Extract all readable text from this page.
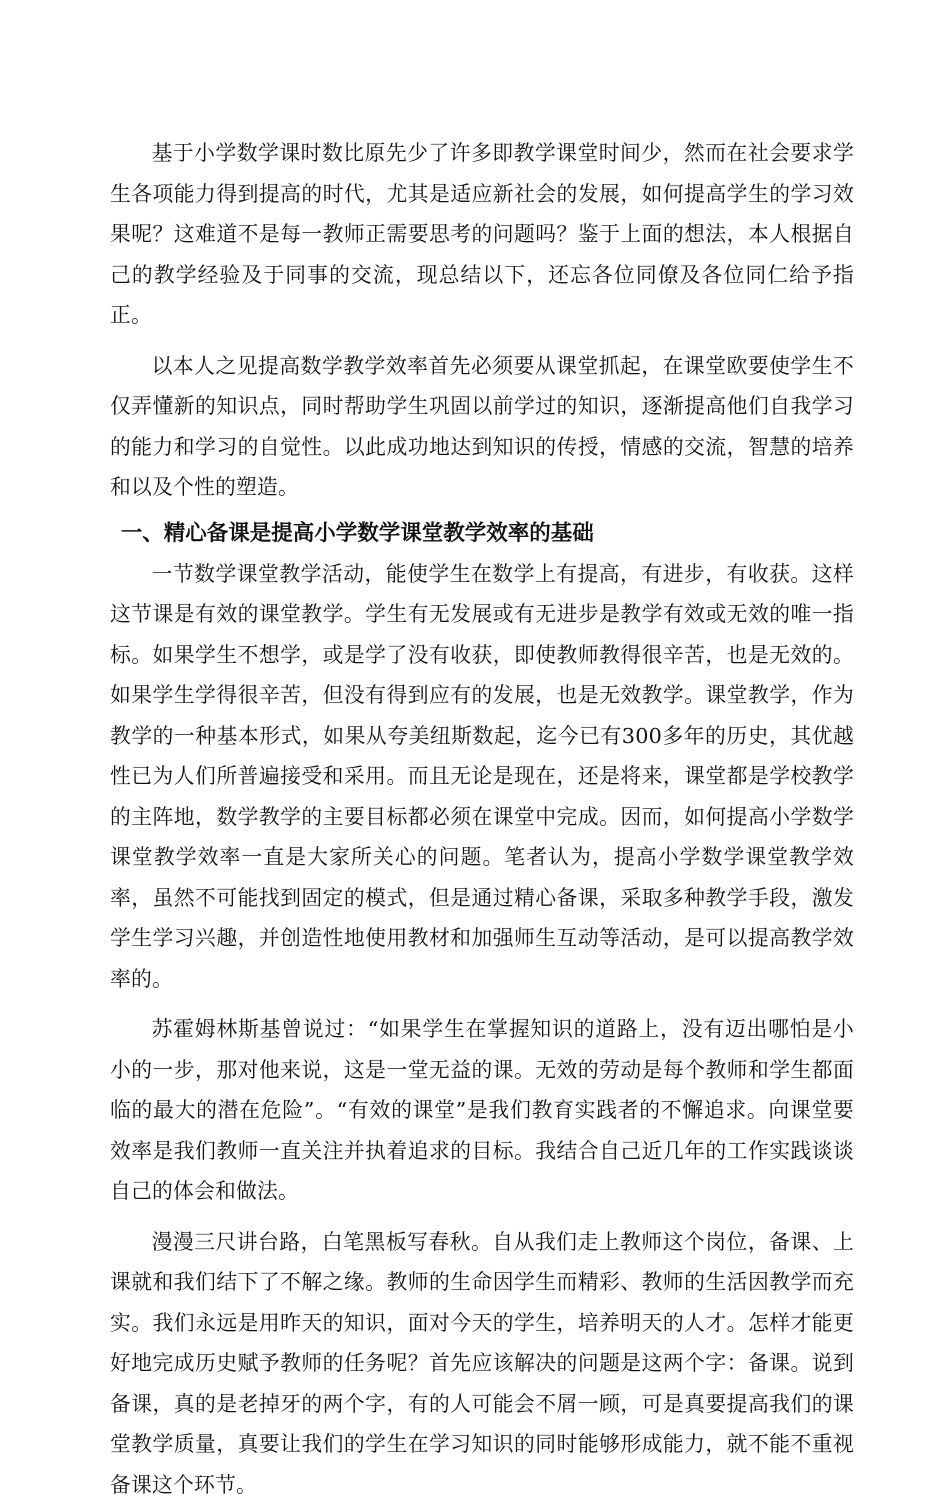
基于小学数学课时数比原先少了许多即教学课堂时间少，然而在社会要求学生各项能力得到提高的时代，尤其是适应新社会的发展，如何提高学生的学习效果呢？这难道不是每一教师正需要思考的问题吗？鉴于上面的想法，本人根据自己的教学经验及于同事的交流，现总结以下，还忘各位同僚及各位同仁给予指正。

以本人之见提高数学教学效率首先必须要从课堂抓起，在课堂欧要使学生不仅弄懂新的知识点，同时帮助学生巩固以前学过的知识，逐渐提高他们自我学习的能力和学习的自觉性。以此成功地达到知识的传授，情感的交流，智慧的培养和以及个性的塑造。

一、精心备课是提高小学数学课堂教学效率的基础

一节数学课堂教学活动，能使学生在数学上有提高，有进步，有收获。这样这节课是有效的课堂教学。学生有无发展或有无进步是教学有效或无效的唯一指标。如果学生不想学，或是学了没有收获，即使教师教得很辛苦，也是无效的。如果学生学得很辛苦，但没有得到应有的发展，也是无效教学。课堂教学，作为教学的一种基本形式，如果从夸美纽斯数起，迄今已有300多年的历史，其优越性已为人们所普遍接受和采用。而且无论是现在，还是将来，课堂都是学校教学的主阵地，数学教学的主要目标都必须在课堂中完成。因而，如何提高小学数学课堂教学效率一直是大家所关心的问题。笔者认为，提高小学数学课堂教学效率，虽然不可能找到固定的模式，但是通过精心备课，采取多种教学手段，激发学生学习兴趣，并创造性地使用教材和加强师生互动等活动，是可以提高教学效率的。

苏霍姆林斯基曾说过：“如果学生在掌握知识的道路上，没有迈出哪怕是小小的一步，那对他来说，这是一堂无益的课。无效的劳动是每个教师和学生都面临的最大的潜在危险”。“有效的课堂”是我们教育实践者的不懈追求。向课堂要效率是我们教师一直关注并执着追求的目标。我结合自己近几年的工作实践谈谈自己的体会和做法。

漫漫三尺讲台路，白笔黑板写春秋。自从我们走上教师这个岗位，备课、上课就和我们结下了不解之缘。教师的生命因学生而精彩、教师的生活因教学而充实。我们永远是用昨天的知识，面对今天的学生，培养明天的人才。怎样才能更好地完成历史赋予教师的任务呢？首先应该解决的问题是这两个字：备课。说到备课，真的是老掉牙的两个字，有的人可能会不屑一顾，可是真要提高我们的课堂教学质量，真要让我们的学生在学习知识的同时能够形成能力，就不能不重视备课这个环节。
